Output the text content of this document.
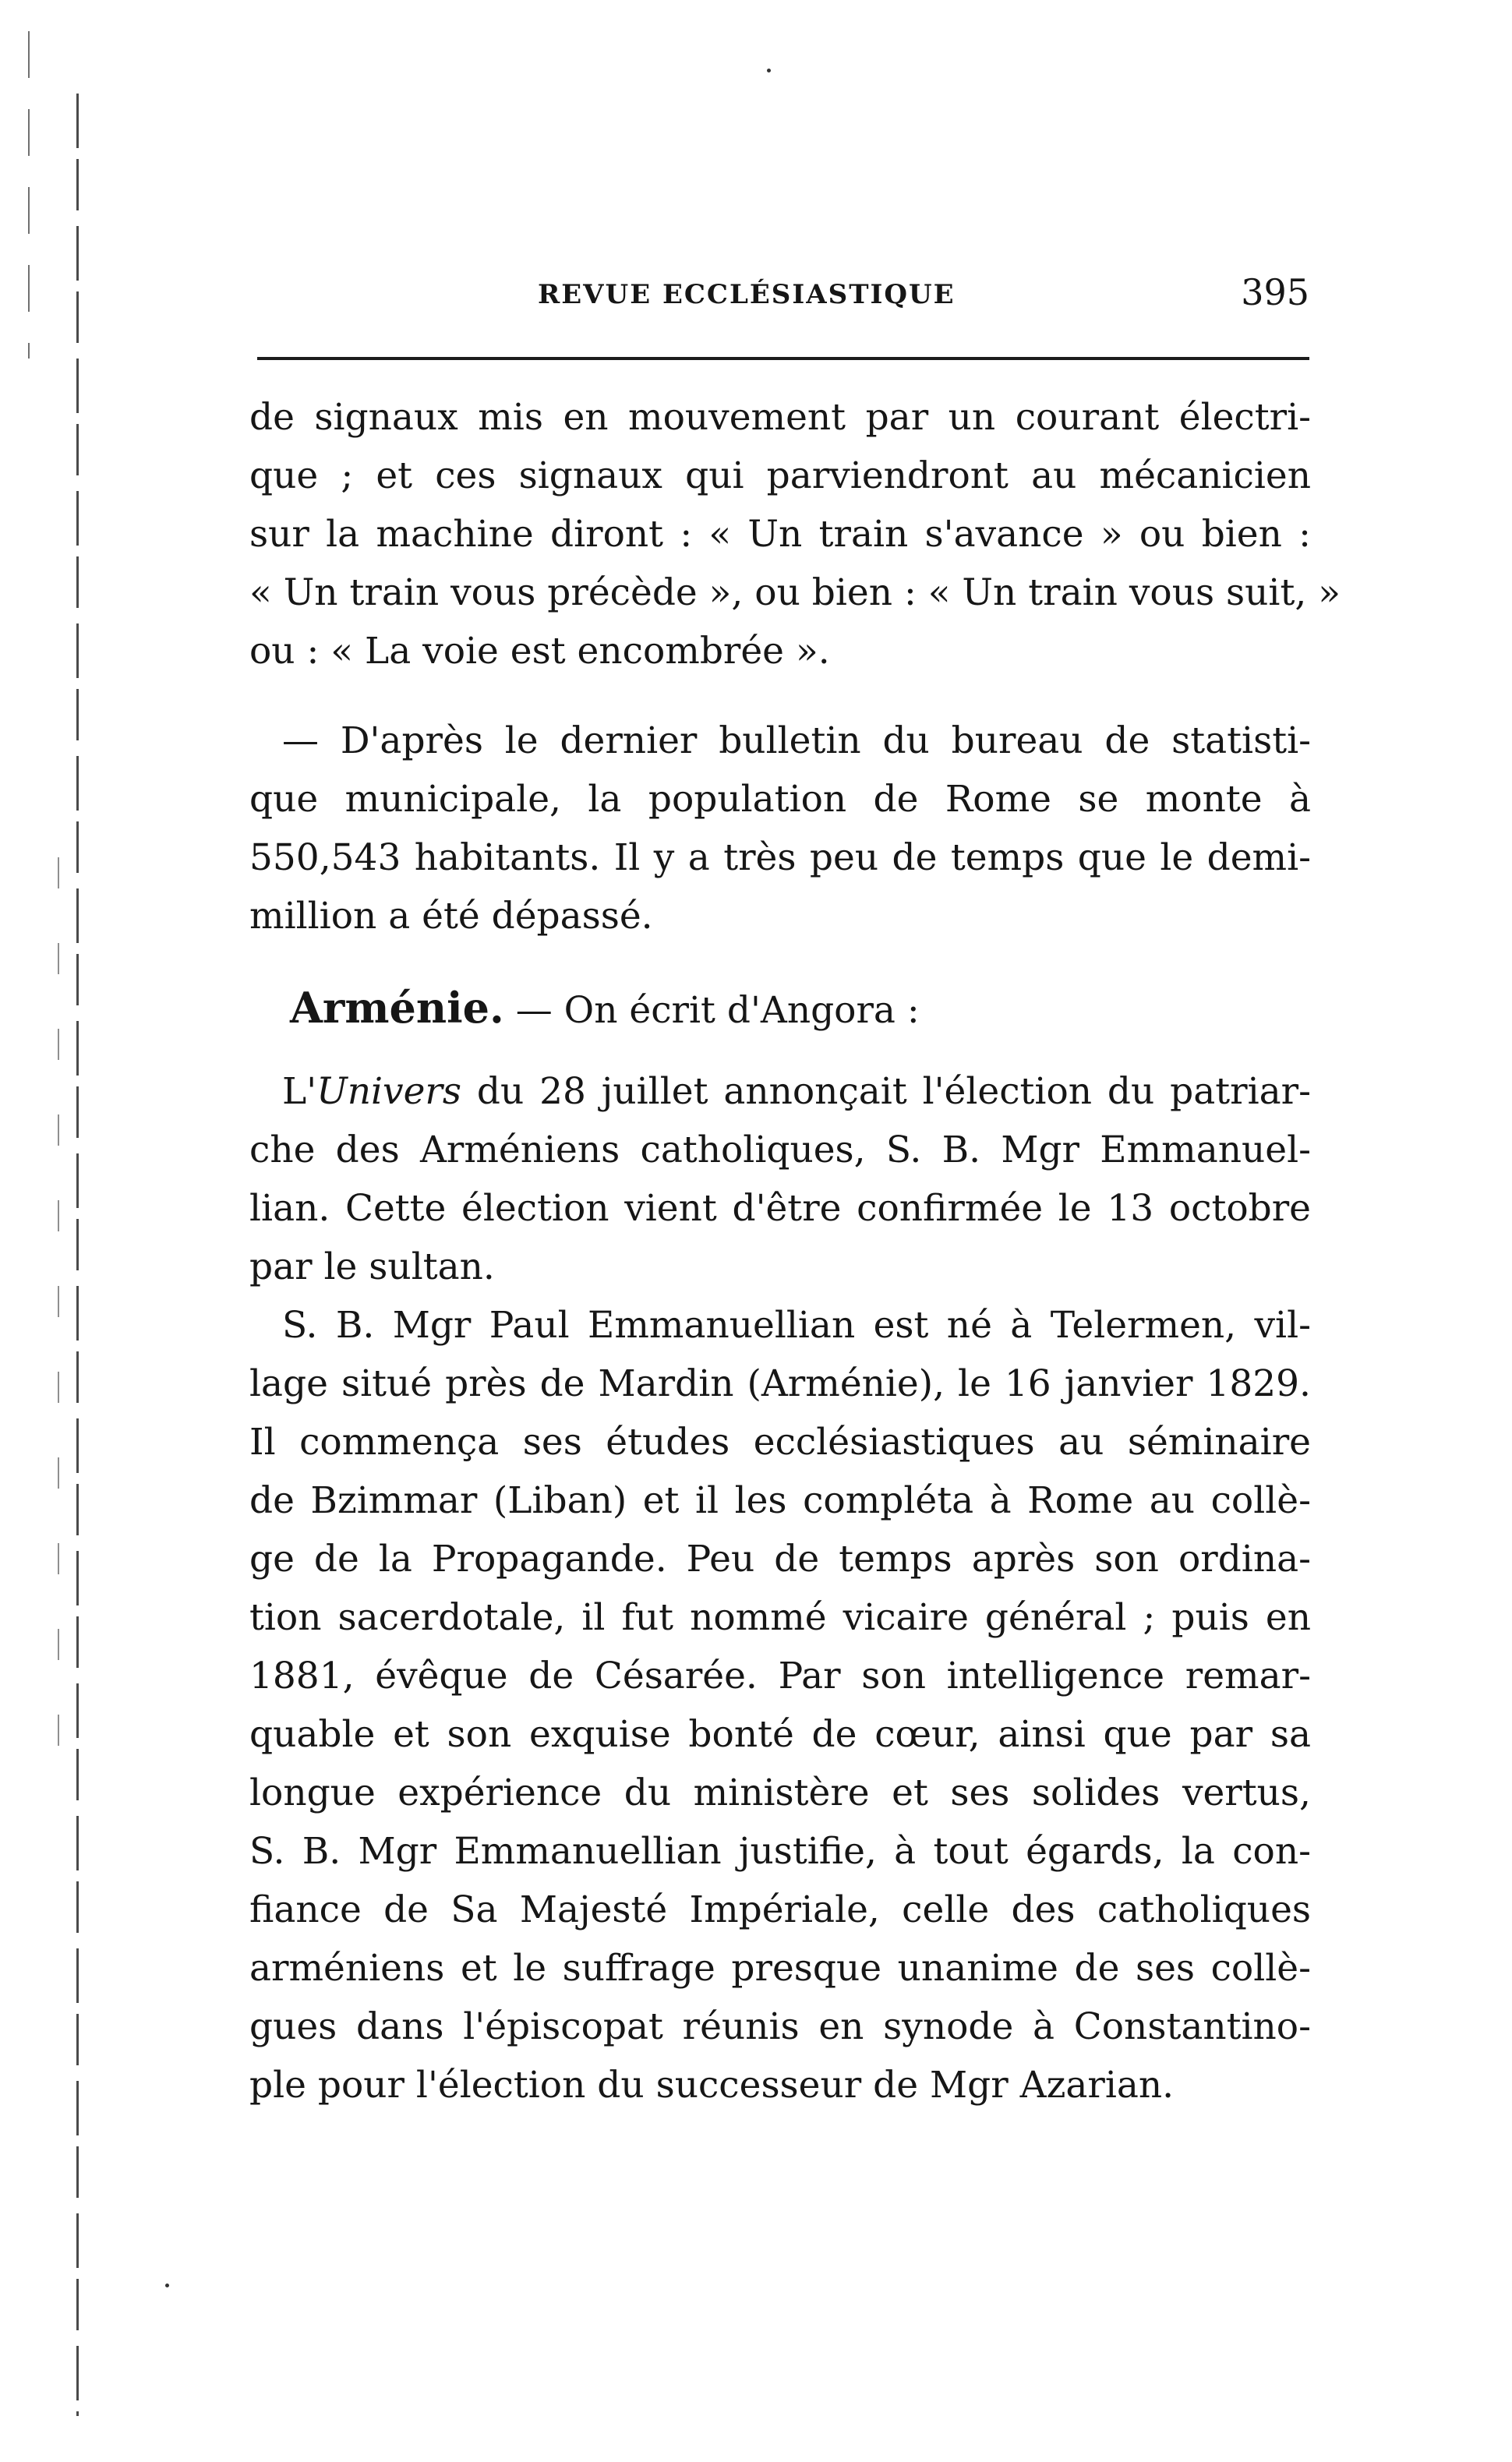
REVUE ECCLÉSIASTIQUE	395
de signaux mis en mouvement par un courant électri-
que ; et ces signaux qui parviendront au mécanicien
sur la machine diront : « Un train s'avance » ou bien :
« Un train vous précède », ou bien : « Un train vous suit, »
ou : « La voie est encombrée ».
— D'après le dernier bulletin du bureau de statisti-
que municipale, la population de Rome se monte à
550,543 habitants. Il y a très peu de temps que le demi-
million a été dépassé.
Arménie. — On écrit d'Angora :
L'Univers du 28 juillet annonçait l'élection du patriar-
che des Arméniens catholiques, S. B. Mgr Emmanuel-
lian. Cette élection vient d'être confirmée le 13 octobre
par le sultan.
S. B. Mgr Paul Emmanuellian est né à Telermen, vil-
lage situé près de Mardin (Arménie), le 16 janvier 1829.
Il commença ses études ecclésiastiques au séminaire
de Bzimmar (Liban) et il les compléta à Rome au collè-
ge de la Propagande. Peu de temps après son ordina-
tion sacerdotale, il fut nommé vicaire général ; puis en
1881, évêque de Césarée. Par son intelligence remar-
quable et son exquise bonté de cœur, ainsi que par sa
longue expérience du ministère et ses solides vertus,
S. B. Mgr Emmanuellian justifie, à tout égards, la con-
fiance de Sa Majesté Impériale, celle des catholiques
arméniens et le suffrage presque unanime de ses collè-
gues dans l'épiscopat réunis en synode à Constantino-
ple pour l'élection du successeur de Mgr Azarian.
